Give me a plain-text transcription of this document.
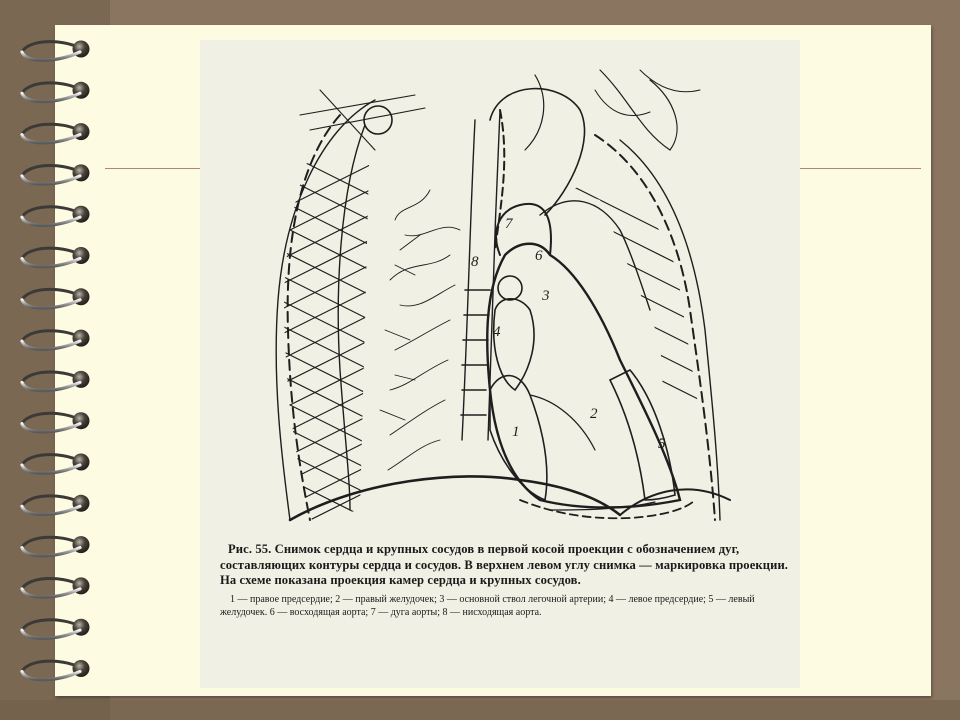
1
2
3
4
5
6
7
8

Рис. 55. Снимок сердца и крупных сосудов в первой косой проекции с обозначением дуг, составляющих контуры сердца и сосудов. В верхнем левом углу снимка — маркировка проекции. На схеме показана проекция камер сердца и крупных сосудов.

1 — правое предсердие; 2 — правый желудочек; 3 — основной ствол легочной артерии; 4 — левое предсердие; 5 — левый желудочек. 6 — восходящая аорта; 7 — дуга аорты; 8 — нисходящая аорта.
